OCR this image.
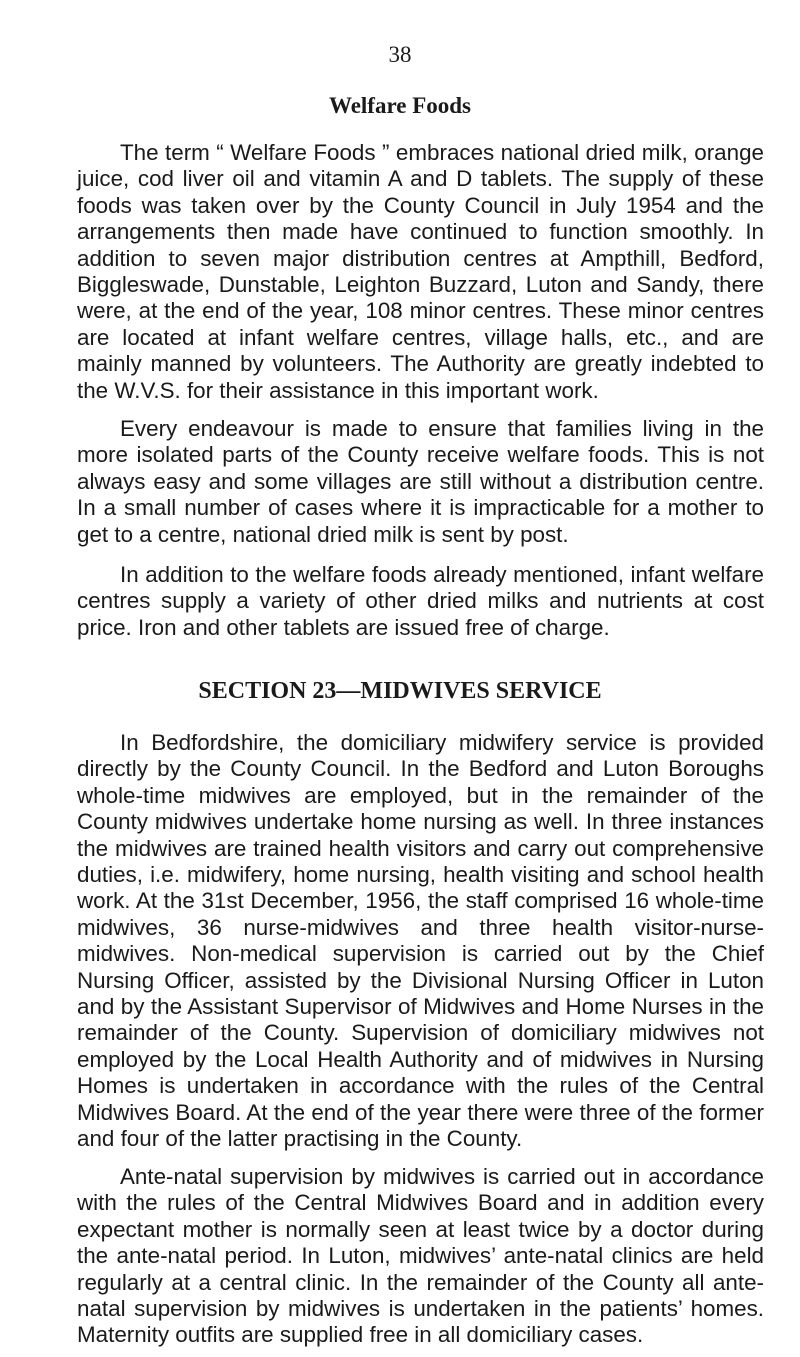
38
Welfare Foods

The term “ Welfare Foods ” embraces national dried milk, orange juice, cod liver oil and vitamin A and D tablets. The supply of these foods was taken over by the County Council in July 1954 and the arrangements then made have continued to function smoothly. In addition to seven major distribution centres at Ampthill, Bedford, Biggleswade, Dunstable, Leighton Buzzard, Luton and Sandy, there were, at the end of the year, 108 minor centres. These minor centres are located at infant welfare centres, village halls, etc., and are mainly manned by volunteers. The Authority are greatly indebted to the W.V.S. for their assistance in this important work.

Every endeavour is made to ensure that families living in the more isolated parts of the County receive welfare foods. This is not always easy and some villages are still without a distribution centre. In a small number of cases where it is impracticable for a mother to get to a centre, national dried milk is sent by post.

In addition to the welfare foods already mentioned, infant welfare centres supply a variety of other dried milks and nutrients at cost price. Iron and other tablets are issued free of charge.

SECTION 23—MIDWIVES SERVICE

In Bedfordshire, the domiciliary midwifery service is provided directly by the County Council. In the Bedford and Luton Boroughs whole-time midwives are employed, but in the remainder of the County midwives undertake home nursing as well. In three instances the midwives are trained health visitors and carry out comprehensive duties, i.e. midwifery, home nursing, health visiting and school health work. At the 31st December, 1956, the staff comprised 16 whole-time midwives, 36 nurse-midwives and three health visitor-nurse-midwives. Non-medical supervision is carried out by the Chief Nursing Officer, assisted by the Divisional Nursing Officer in Luton and by the Assistant Supervisor of Midwives and Home Nurses in the remainder of the County. Supervision of domiciliary midwives not employed by the Local Health Authority and of midwives in Nursing Homes is undertaken in accordance with the rules of the Central Midwives Board. At the end of the year there were three of the former and four of the latter practising in the County.

Ante-natal supervision by midwives is carried out in accordance with the rules of the Central Midwives Board and in addition every expectant mother is normally seen at least twice by a doctor during the ante-natal period. In Luton, midwives’ ante-natal clinics are held regularly at a central clinic. In the remainder of the County all ante-natal supervision by midwives is undertaken in the patients’ homes. Maternity outfits are supplied free in all domiciliary cases.
